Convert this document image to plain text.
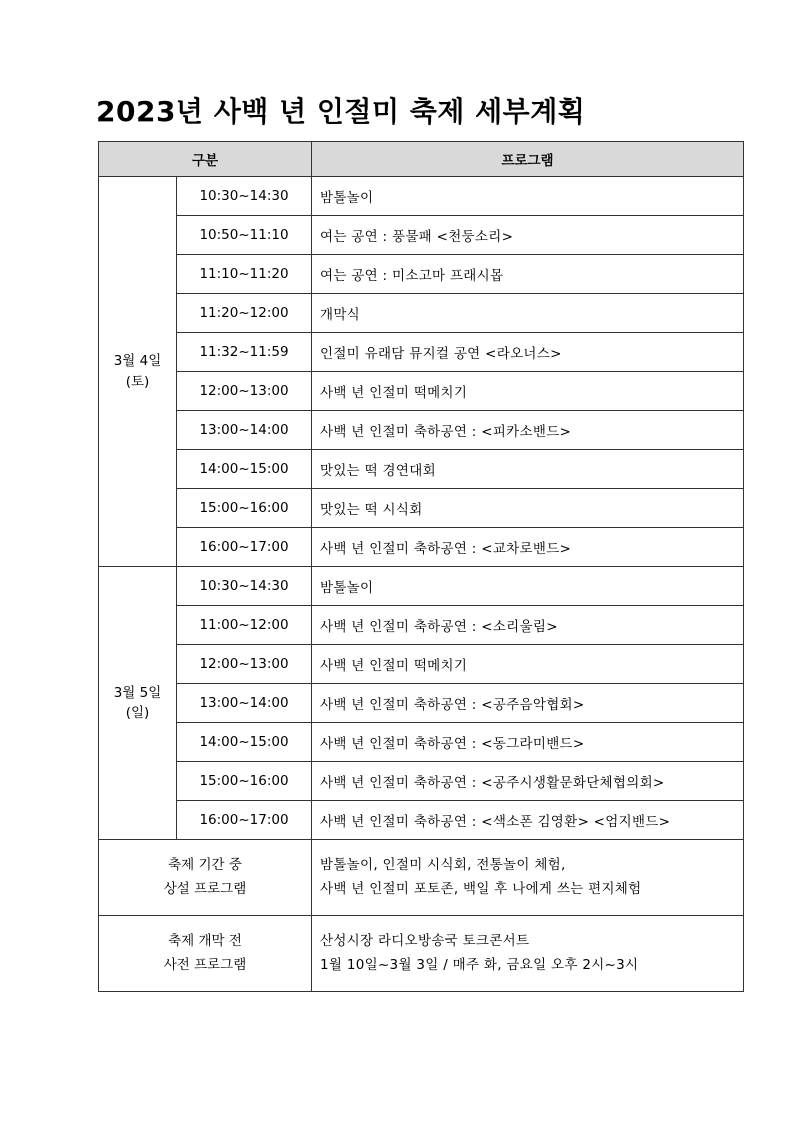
2023년 사백 년 인절미 축제 세부계획
구분		프로그램

3월 4일
(토)	10:30~14:30	밤톨놀이
	10:50~11:10	여는 공연 : 풍물패 <천둥소리>
	11:10~11:20	여는 공연 : 미소고마 프래시몹
	11:20~12:00	개막식
	11:32~11:59	인절미 유래담 뮤지컬 공연 <라오너스>
	12:00~13:00	사백 년 인절미 떡메치기
	13:00~14:00	사백 년 인절미 축하공연 : <피카소밴드>
	14:00~15:00	맛있는 떡 경연대회
	15:00~16:00	맛있는 떡 시식회
	16:00~17:00	사백 년 인절미 축하공연 : <교차로밴드>

3월 5일
(일)	10:30~14:30	밤톨놀이
	11:00~12:00	사백 년 인절미 축하공연 : <소리울림>
	12:00~13:00	사백 년 인절미 떡메치기
	13:00~14:00	사백 년 인절미 축하공연 : <공주음악협회>
	14:00~15:00	사백 년 인절미 축하공연 : <동그라미밴드>
	15:00~16:00	사백 년 인절미 축하공연 : <공주시생활문화단체협의회>
	16:00~17:00	사백 년 인절미 축하공연 : <색소폰 김영환> <엄지밴드>

축제 기간 중
상설 프로그램		밤톨놀이, 인절미 시식회, 전통놀이 체험,
사백 년 인절미 포토존, 백일 후 나에게 쓰는 편지체험

축제 개막 전
사전 프로그램		산성시장 라디오방송국 토크콘서트
1월 10일~3월 3일 / 매주 화, 금요일 오후 2시~3시
